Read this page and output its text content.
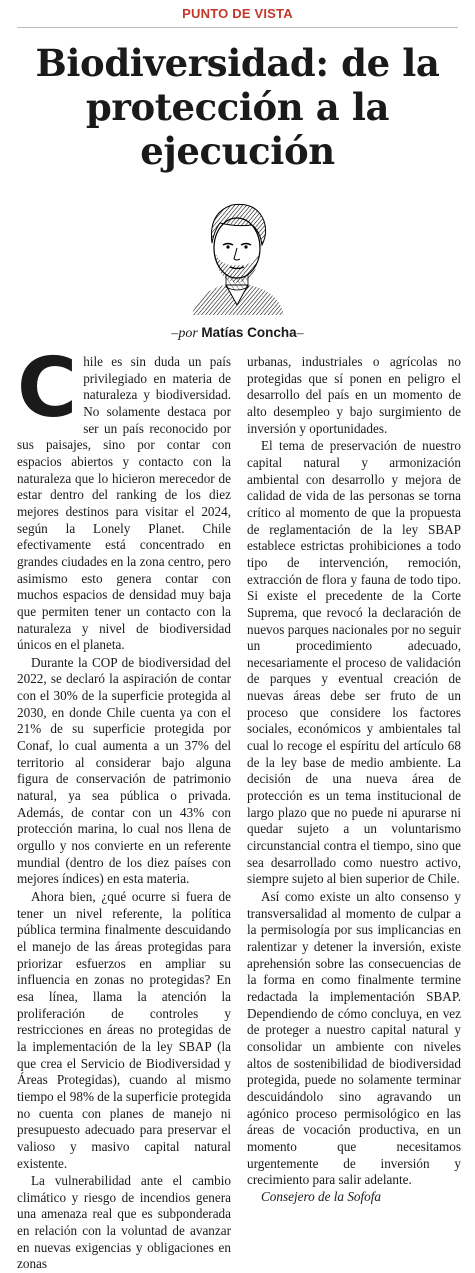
PUNTO DE VISTA
Biodiversidad: de la protección a la ejecución
–por Matías Concha–

Chile es sin duda un país privilegiado en materia de naturaleza y biodiversidad. No solamente destaca por ser un país reconocido por sus paisajes, sino por contar con espacios abiertos y contacto con la naturaleza que lo hicieron merecedor de estar dentro del ranking de los diez mejores destinos para visitar el 2024, según la Lonely Planet. Chile efectivamente está concentrado en grandes ciudades en la zona centro, pero asimismo esto genera contar con muchos espacios de densidad muy baja que permiten tener un contacto con la naturaleza y nivel de biodiversidad únicos en el planeta.

Durante la COP de biodiversidad del 2022, se declaró la aspiración de contar con el 30% de la superficie protegida al 2030, en donde Chile cuenta ya con el 21% de su superficie protegida por Conaf, lo cual aumenta a un 37% del territorio al considerar bajo alguna figura de conservación de patrimonio natural, ya sea pública o privada. Además, de contar con un 43% con protección marina, lo cual nos llena de orgullo y nos convierte en un referente mundial (dentro de los diez países con mejores índices) en esta materia.

Ahora bien, ¿qué ocurre si fuera de tener un nivel referente, la política pública termina finalmente descuidando el manejo de las áreas protegidas para priorizar esfuerzos en ampliar su influencia en zonas no protegidas? En esa línea, llama la atención la proliferación de controles y restricciones en áreas no protegidas de la implementación de la ley SBAP (la que crea el Servicio de Biodiversidad y Áreas Protegidas), cuando al mismo tiempo el 98% de la superficie protegida no cuenta con planes de manejo ni presupuesto adecuado para preservar el valioso y masivo capital natural existente.

La vulnerabilidad ante el cambio climático y riesgo de incendios genera una amenaza real que es subponderada en relación con la voluntad de avanzar en nuevas exigencias y obligaciones en zonas

urbanas, industriales o agrícolas no protegidas que sí ponen en peligro el desarrollo del país en un momento de alto desempleo y bajo surgimiento de inversión y oportunidades.

El tema de preservación de nuestro capital natural y armonización ambiental con desarrollo y mejora de calidad de vida de las personas se torna crítico al momento de que la propuesta de reglamentación de la ley SBAP establece estrictas prohibiciones a todo tipo de intervención, remoción, extracción de flora y fauna de todo tipo. Si existe el precedente de la Corte Suprema, que revocó la declaración de nuevos parques nacionales por no seguir un procedimiento adecuado, necesariamente el proceso de validación de parques y eventual creación de nuevas áreas debe ser fruto de un proceso que considere los factores sociales, económicos y ambientales tal cual lo recoge el espíritu del artículo 68 de la ley base de medio ambiente. La decisión de una nueva área de protección es un tema institucional de largo plazo que no puede ni apurarse ni quedar sujeto a un voluntarismo circunstancial contra el tiempo, sino que sea desarrollado como nuestro activo, siempre sujeto al bien superior de Chile.

Así como existe un alto consenso y transversalidad al momento de culpar a la permisología por sus implicancias en ralentizar y detener la inversión, existe aprehensión sobre las consecuencias de la forma en como finalmente termine redactada la implementación SBAP. Dependiendo de cómo concluya, en vez de proteger a nuestro capital natural y consolidar un ambiente con niveles altos de sostenibilidad de biodiversidad protegida, puede no solamente terminar descuidándolo sino agravando un agónico proceso permisológico en las áreas de vocación productiva, en un momento que necesitamos urgentemente de inversión y crecimiento para salir adelante.

Consejero de la Sofofa
